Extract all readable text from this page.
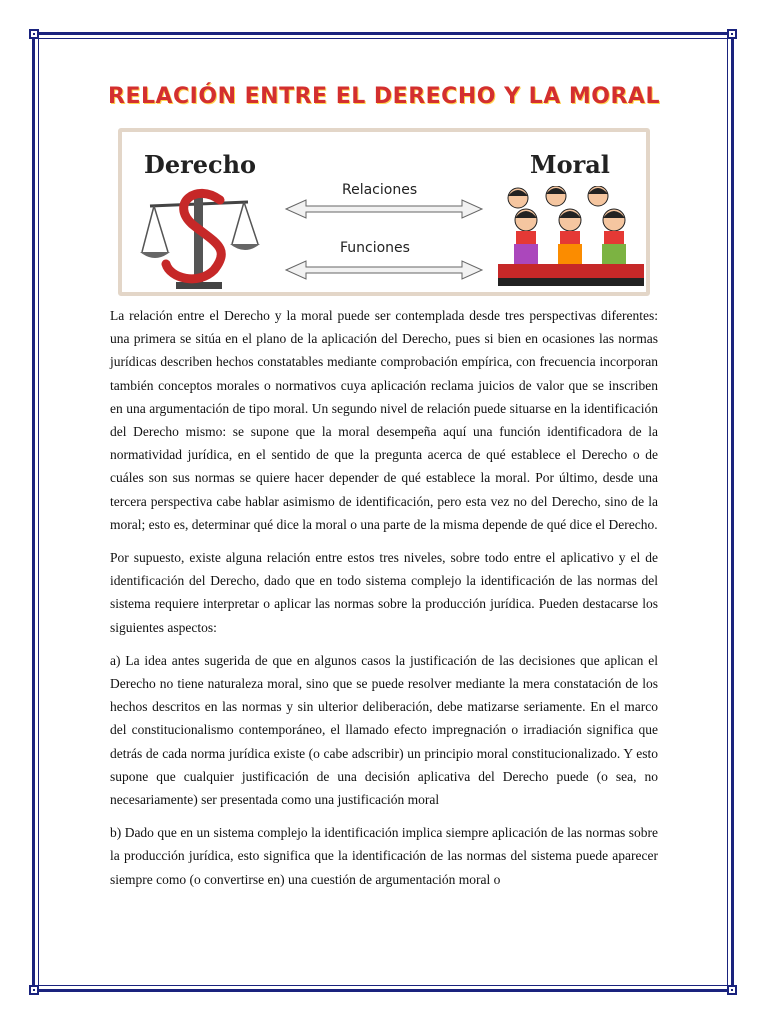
RELACIÓN ENTRE EL DERECHO Y LA MORAL
Derecho	Moral
Relaciones
Funciones

La relación entre el Derecho y la moral puede ser contemplada desde tres perspectivas diferentes: una primera se sitúa en el plano de la aplicación del Derecho, pues si bien en ocasiones las normas jurídicas describen hechos constatables mediante comprobación empírica, con frecuencia incorporan también conceptos morales o normativos cuya aplicación reclama juicios de valor que se inscriben en una argumentación de tipo moral. Un segundo nivel de relación puede situarse en la identificación del Derecho mismo: se supone que la moral desempeña aquí una función identificadora de la normatividad jurídica, en el sentido de que la pregunta acerca de qué establece el Derecho o de cuáles son sus normas se quiere hacer depender de qué establece la moral. Por último, desde una tercera perspectiva cabe hablar asimismo de identificación, pero esta vez no del Derecho, sino de la moral; esto es, determinar qué dice la moral o una parte de la misma depende de qué dice el Derecho.

Por supuesto, existe alguna relación entre estos tres niveles, sobre todo entre el aplicativo y el de identificación del Derecho, dado que en todo sistema complejo la identificación de las normas del sistema requiere interpretar o aplicar las normas sobre la producción jurídica. Pueden destacarse los siguientes aspectos:

a) La idea antes sugerida de que en algunos casos la justificación de las decisiones que aplican el Derecho no tiene naturaleza moral, sino que se puede resolver mediante la mera constatación de los hechos descritos en las normas y sin ulterior deliberación, debe matizarse seriamente. En el marco del constitucionalismo contemporáneo, el llamado efecto impregnación o irradiación significa que detrás de cada norma jurídica existe (o cabe adscribir) un principio moral constitucionalizado. Y esto supone que cualquier justificación de una decisión aplicativa del Derecho puede (o sea, no necesariamente) ser presentada como una justificación moral

b) Dado que en un sistema complejo la identificación implica siempre aplicación de las normas sobre la producción jurídica, esto significa que la identificación de las normas del sistema puede aparecer siempre como (o convertirse en) una cuestión de argumentación moral o
